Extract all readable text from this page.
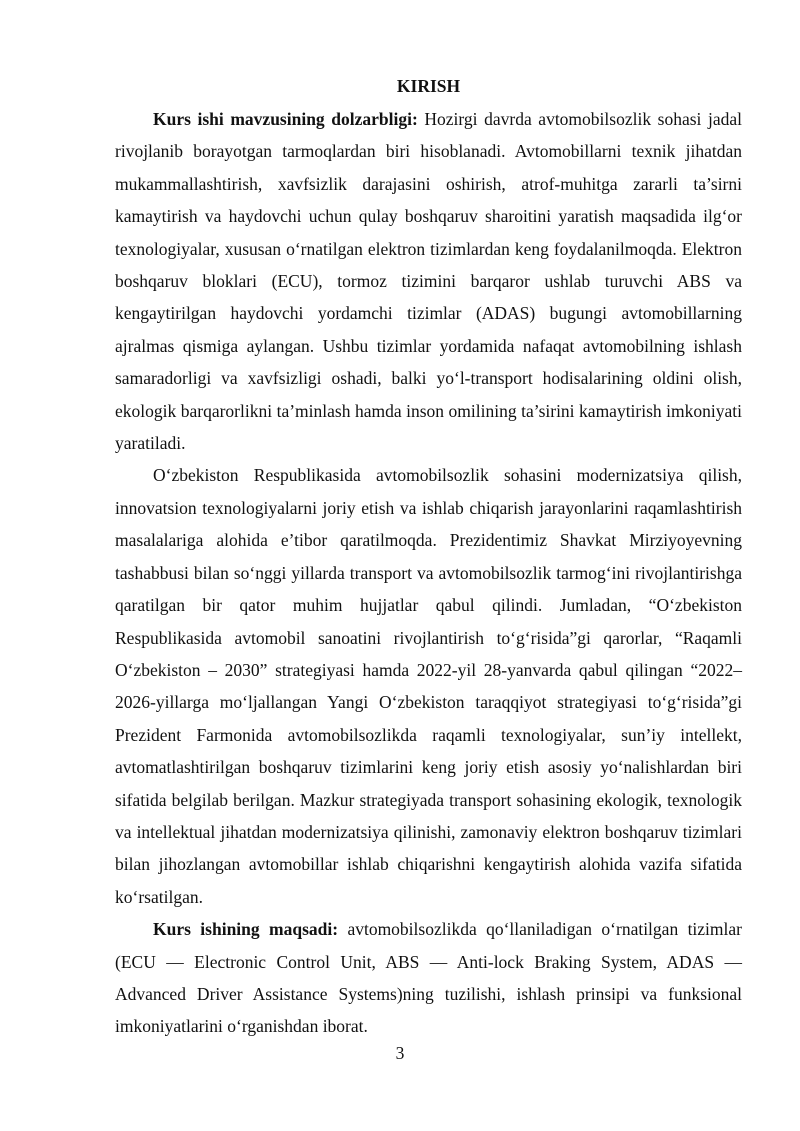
KIRISH

Kurs ishi mavzusining dolzarbligi: Hozirgi davrda avtomobilsozlik sohasi jadal rivojlanib borayotgan tarmoqlardan biri hisoblanadi. Avtomobillarni texnik jihatdan mukammallashtirish, xavfsizlik darajasini oshirish, atrof-muhitga zararli ta’sirni kamaytirish va haydovchi uchun qulay boshqaruv sharoitini yaratish maqsadida ilg‘or texnologiyalar, xususan o‘rnatilgan elektron tizimlardan keng foydalanilmoqda. Elektron boshqaruv bloklari (ECU), tormoz tizimini barqaror ushlab turuvchi ABS va kengaytirilgan haydovchi yordamchi tizimlar (ADAS) bugungi avtomobillarning ajralmas qismiga aylangan. Ushbu tizimlar yordamida nafaqat avtomobilning ishlash samaradorligi va xavfsizligi oshadi, balki yo‘l-transport hodisalarining oldini olish, ekologik barqarorlikni ta’minlash hamda inson omilining ta’sirini kamaytirish imkoniyati yaratiladi.

O‘zbekiston Respublikasida avtomobilsozlik sohasini modernizatsiya qilish, innovatsion texnologiyalarni joriy etish va ishlab chiqarish jarayonlarini raqamlashtirish masalalariga alohida e’tibor qaratilmoqda. Prezidentimiz Shavkat Mirziyoyevning tashabbusi bilan so‘nggi yillarda transport va avtomobilsozlik tarmog‘ini rivojlantirishga qaratilgan bir qator muhim hujjatlar qabul qilindi. Jumladan, “O‘zbekiston Respublikasida avtomobil sanoatini rivojlantirish to‘g‘risida”gi qarorlar, “Raqamli O‘zbekiston – 2030” strategiyasi hamda 2022-yil 28-yanvarda qabul qilingan “2022–2026-yillarga mo‘ljallangan Yangi O‘zbekiston taraqqiyot strategiyasi to‘g‘risida”gi Prezident Farmonida avtomobilsozlikda raqamli texnologiyalar, sun’iy intellekt, avtomatlashtirilgan boshqaruv tizimlarini keng joriy etish asosiy yo‘nalishlardan biri sifatida belgilab berilgan. Mazkur strategiyada transport sohasining ekologik, texnologik va intellektual jihatdan modernizatsiya qilinishi, zamonaviy elektron boshqaruv tizimlari bilan jihozlangan avtomobillar ishlab chiqarishni kengaytirish alohida vazifa sifatida ko‘rsatilgan.

Kurs ishining maqsadi: avtomobilsozlikda qo‘llaniladigan o‘rnatilgan tizimlar (ECU — Electronic Control Unit, ABS — Anti-lock Braking System, ADAS — Advanced Driver Assistance Systems)ning tuzilishi, ishlash prinsipi va funksional imkoniyatlarini o‘rganishdan iborat.

3
